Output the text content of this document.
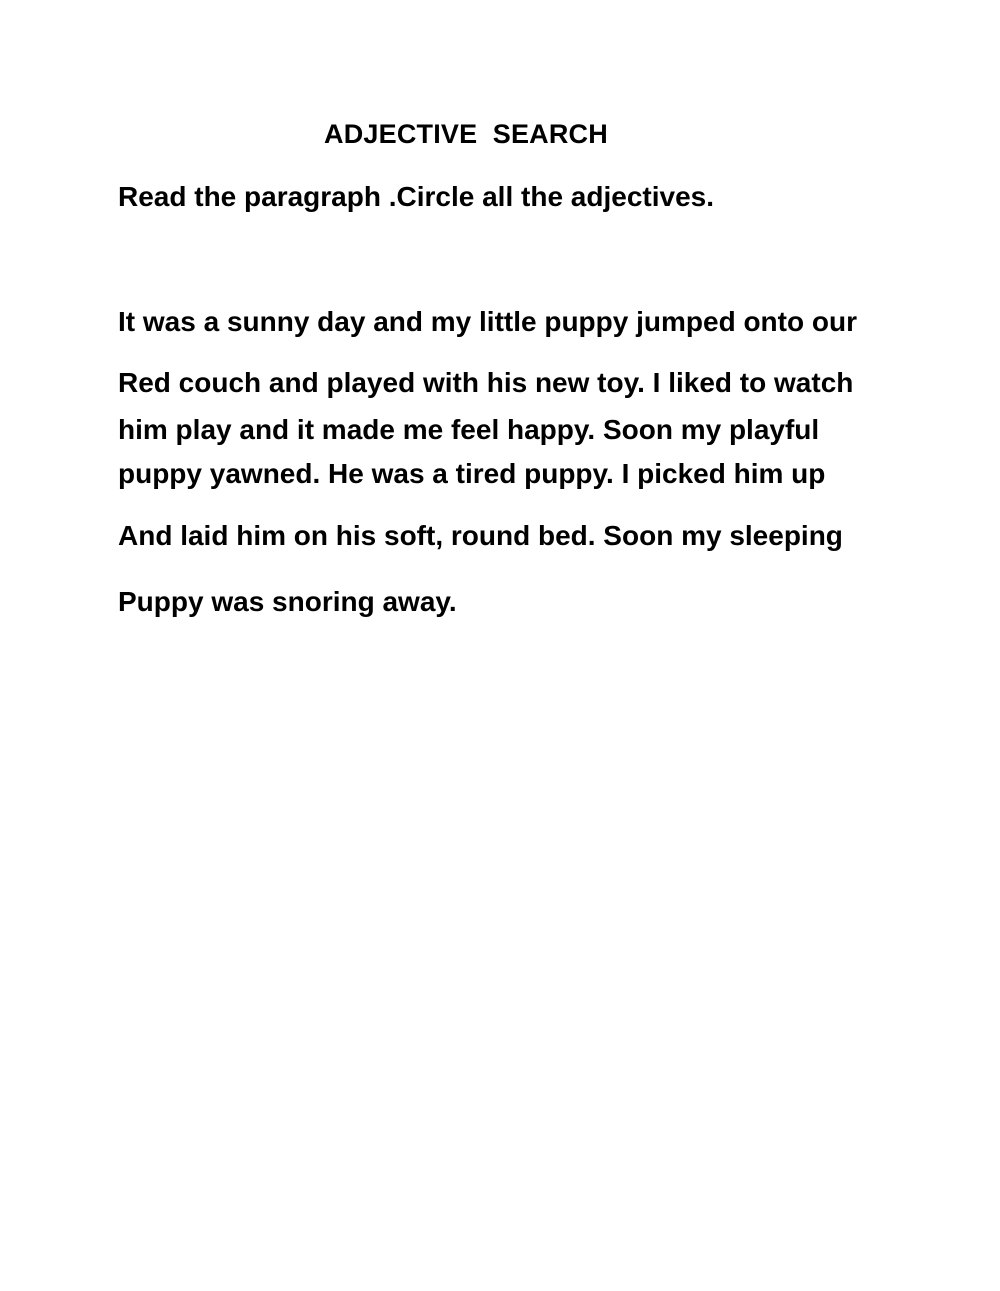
ADJECTIVE  SEARCH
Read the paragraph .Circle all the adjectives.
It was a sunny day and my little puppy jumped onto our
Red couch and played with his new toy. I liked to watch
him play and it made me feel happy. Soon my playful
puppy yawned. He was a tired puppy. I picked him up
And laid him on his soft, round bed. Soon my sleeping
Puppy was snoring away.
